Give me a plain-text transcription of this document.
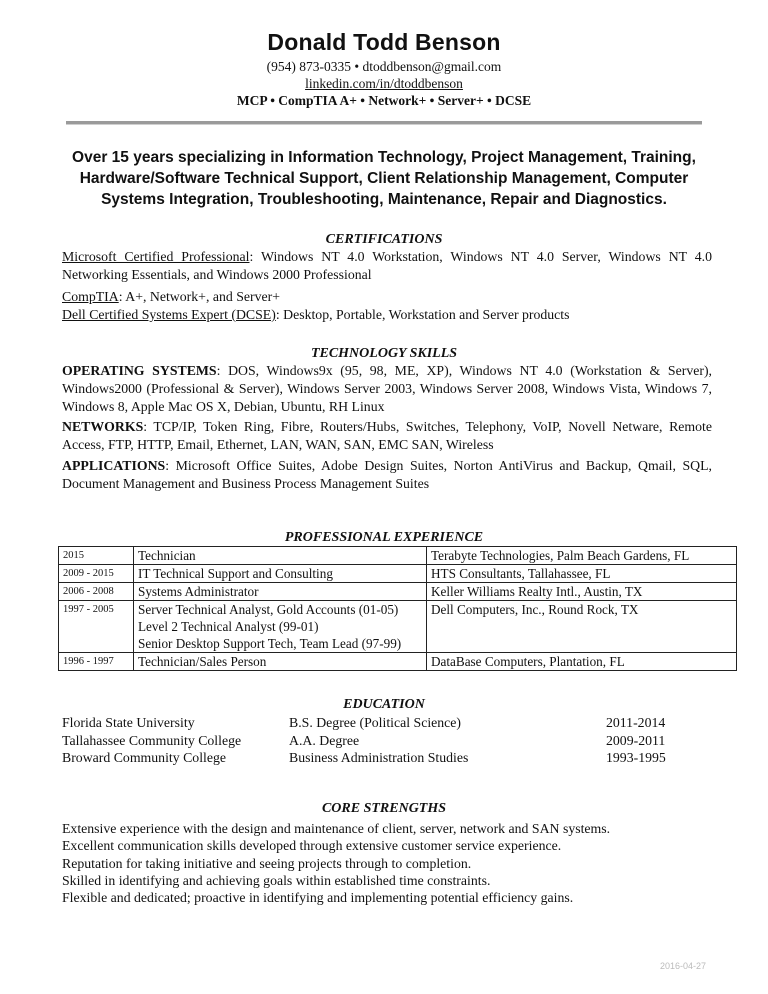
Donald Todd Benson
(954) 873-0335 • dtoddbenson@gmail.com
linkedin.com/in/dtoddbenson
MCP • CompTIA A+ • Network+ • Server+ • DCSE
Over 15 years specializing in Information Technology, Project Management, Training, Hardware/Software Technical Support, Client Relationship Management, Computer Systems Integration, Troubleshooting, Maintenance, Repair and Diagnostics.
CERTIFICATIONS
Microsoft Certified Professional: Windows NT 4.0 Workstation, Windows NT 4.0 Server, Windows NT 4.0 Networking Essentials, and Windows 2000 Professional
CompTIA: A+, Network+, and Server+
Dell Certified Systems Expert (DCSE): Desktop, Portable, Workstation and Server products
TECHNOLOGY SKILLS
OPERATING SYSTEMS: DOS, Windows9x (95, 98, ME, XP), Windows NT 4.0 (Workstation & Server), Windows2000 (Professional & Server), Windows Server 2003, Windows Server 2008, Windows Vista, Windows 7, Windows 8, Apple Mac OS X, Debian, Ubuntu, RH Linux
NETWORKS: TCP/IP, Token Ring, Fibre, Routers/Hubs, Switches, Telephony, VoIP, Novell Netware, Remote Access, FTP, HTTP, Email, Ethernet, LAN, WAN, SAN, EMC SAN, Wireless
APPLICATIONS: Microsoft Office Suites, Adobe Design Suites, Norton AntiVirus and Backup, Qmail, SQL, Document Management and Business Process Management Suites
PROFESSIONAL EXPERIENCE
2015	Technician	Terabyte Technologies, Palm Beach Gardens, FL
2009 - 2015	IT Technical Support and Consulting	HTS Consultants, Tallahassee, FL
2006 - 2008	Systems Administrator	Keller Williams Realty Intl., Austin, TX
1997 - 2005	Server Technical Analyst, Gold Accounts (01-05)
Level 2 Technical Analyst (99-01)
Senior Desktop Support Tech, Team Lead (97-99)	Dell Computers, Inc., Round Rock, TX
1996 - 1997	Technician/Sales Person	DataBase Computers, Plantation, FL
EDUCATION
Florida State University	B.S. Degree (Political Science)	2011-2014
Tallahassee Community College	A.A. Degree	2009-2011
Broward Community College	Business Administration Studies	1993-1995
CORE STRENGTHS
Extensive experience with the design and maintenance of client, server, network and SAN systems.
Excellent communication skills developed through extensive customer service experience.
Reputation for taking initiative and seeing projects through to completion.
Skilled in identifying and achieving goals within established time constraints.
Flexible and dedicated; proactive in identifying and implementing potential efficiency gains.
2016-04-27
